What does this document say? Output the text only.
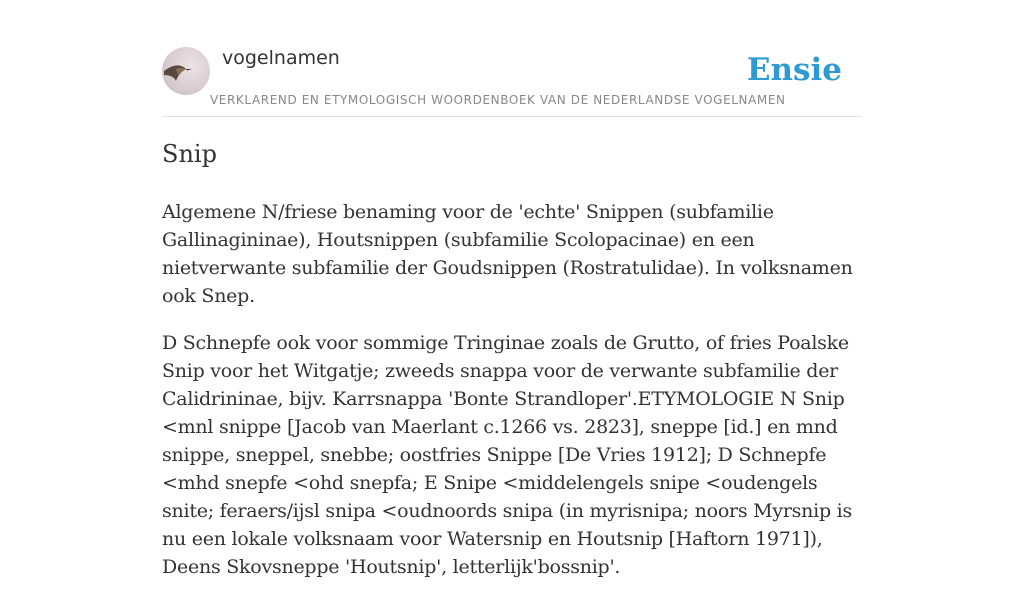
vogelnamen	Ensie
VERKLAREND EN ETYMOLOGISCH WOORDENBOEK VAN DE NEDERLANDSE VOGELNAMEN
Snip

Algemene N/friese benaming voor de 'echte' Snippen (subfamilie Gallinagininae), Houtsnippen (subfamilie Scolopacinae) en een nietverwante subfamilie der Goudsnippen (Rostratulidae). In volksnamen ook Snep.

D Schnepfe ook voor sommige Tringinae zoals de Grutto, of fries Poalske Snip voor het Witgatje; zweeds snappa voor de verwante subfamilie der Calidrininae, bijv. Karrsnappa 'Bonte Strandloper'.ETYMOLOGIE N Snip <mnl snippe [Jacob van Maerlant c.1266 vs. 2823], sneppe [id.] en mnd snippe, sneppel, snebbe; oostfries Snippe [De Vries 1912]; D Schnepfe <mhd snepfe <ohd snepfa; E Snipe <middelengels snipe <oudengels snite; feraers/ijsl snipa <oudnoords snipa (in myrisnipa; noors Myrsnip is nu een lokale volksnaam voor Watersnip en Houtsnip [Haftorn 1971]), Deens Skovsneppe 'Houtsnip', letterlijk'bossnip'.
